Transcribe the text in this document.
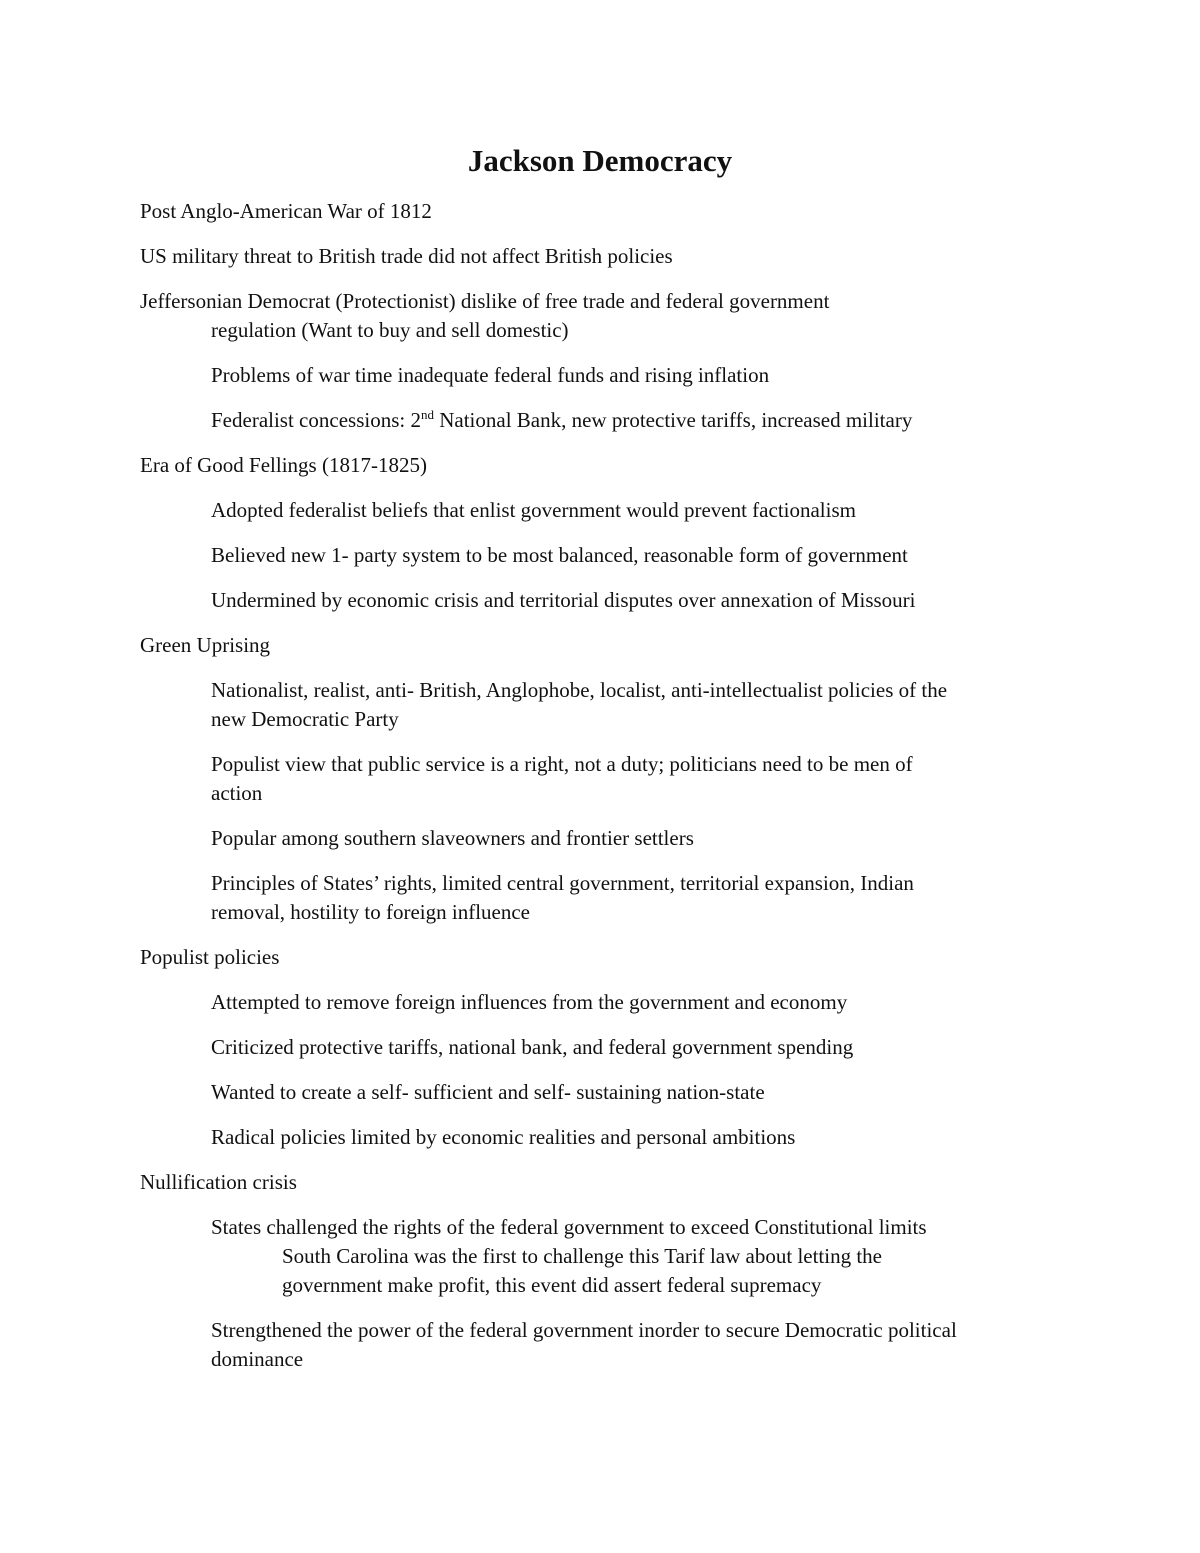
Jackson Democracy
Post Anglo-American War of 1812
US military threat to British trade did not affect British policies
Jeffersonian Democrat (Protectionist) dislike of free trade and federal government
regulation (Want to buy and sell domestic)
Problems of war time inadequate federal funds and rising inflation
Federalist concessions: 2nd National Bank, new protective tariffs, increased military
Era of Good Fellings (1817-1825)
Adopted federalist beliefs that enlist government would prevent factionalism
Believed new 1- party system to be most balanced, reasonable form of government
Undermined by economic crisis and territorial disputes over annexation of Missouri
Green Uprising
Nationalist, realist, anti- British, Anglophobe, localist, anti-intellectualist policies of the
new Democratic Party
Populist view that public service is a right, not a duty; politicians need to be men of
action
Popular among southern slaveowners and frontier settlers
Principles of States’ rights, limited central government, territorial expansion, Indian
removal, hostility to foreign influence
Populist policies
Attempted to remove foreign influences from the government and economy
Criticized protective tariffs, national bank, and federal government spending
Wanted to create a self- sufficient and self- sustaining nation-state
Radical policies limited by economic realities and personal ambitions
Nullification crisis
States challenged the rights of the federal government to exceed Constitutional limits
South Carolina was the first to challenge this Tarif law about letting the
government make profit, this event did assert federal supremacy
Strengthened the power of the federal government inorder to secure Democratic political
dominance
